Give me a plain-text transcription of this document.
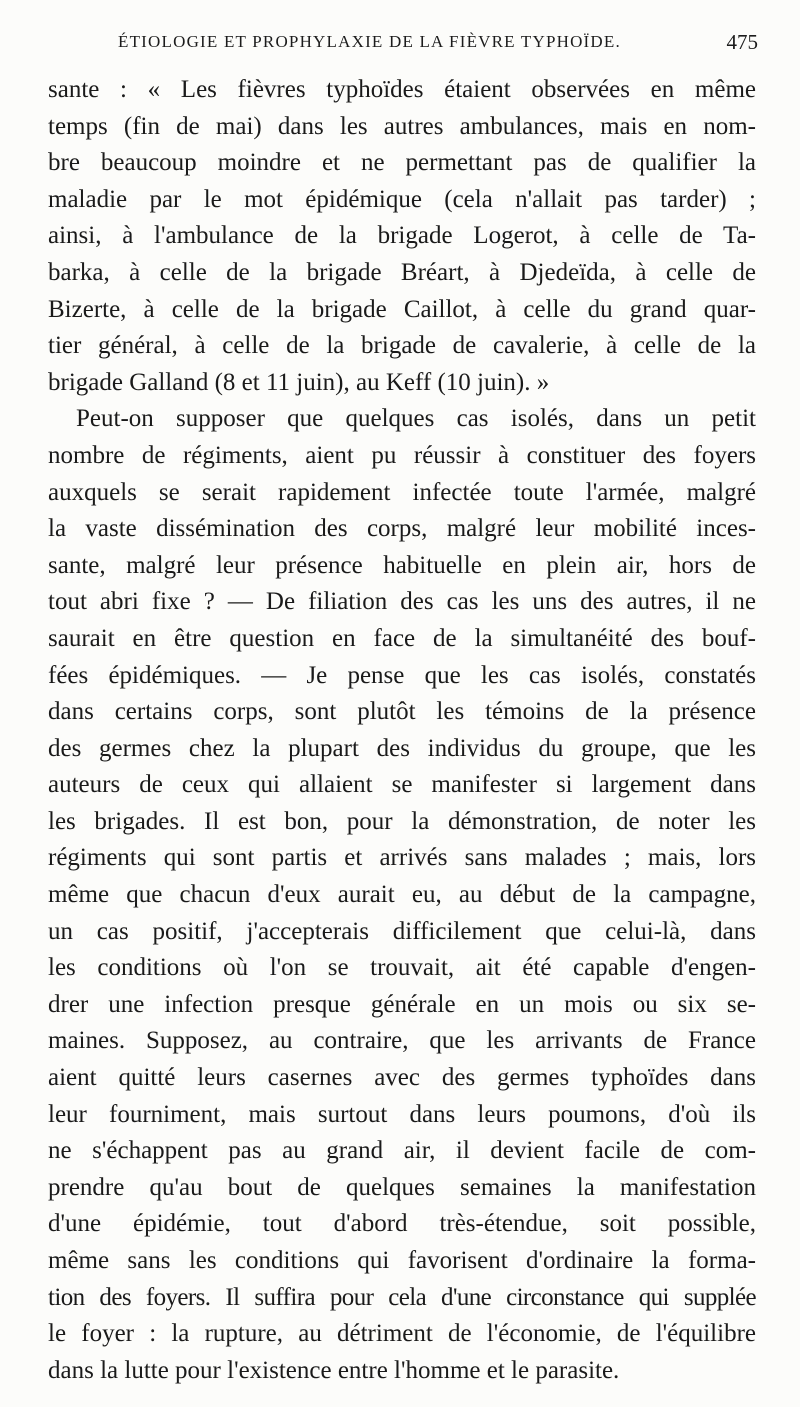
ÉTIOLOGIE ET PROPHYLAXIE DE LA FIÈVRE TYPHOÏDE.	475
sante : « Les fièvres typhoïdes étaient observées en même
temps (fin de mai) dans les autres ambulances, mais en nom-
bre beaucoup moindre et ne permettant pas de qualifier la
maladie par le mot épidémique (cela n'allait pas tarder) ;
ainsi, à l'ambulance de la brigade Logerot, à celle de Ta-
barka, à celle de la brigade Bréart, à Djedeïda, à celle de
Bizerte, à celle de la brigade Caillot, à celle du grand quar-
tier général, à celle de la brigade de cavalerie, à celle de la
brigade Galland (8 et 11 juin), au Keff (10 juin). »
Peut-on supposer que quelques cas isolés, dans un petit
nombre de régiments, aient pu réussir à constituer des foyers
auxquels se serait rapidement infectée toute l'armée, malgré
la vaste dissémination des corps, malgré leur mobilité inces-
sante, malgré leur présence habituelle en plein air, hors de
tout abri fixe ? — De filiation des cas les uns des autres, il ne
saurait en être question en face de la simultanéité des bouf-
fées épidémiques. — Je pense que les cas isolés, constatés
dans certains corps, sont plutôt les témoins de la présence
des germes chez la plupart des individus du groupe, que les
auteurs de ceux qui allaient se manifester si largement dans
les brigades. Il est bon, pour la démonstration, de noter les
régiments qui sont partis et arrivés sans malades ; mais, lors
même que chacun d'eux aurait eu, au début de la campagne,
un cas positif, j'accepterais difficilement que celui-là, dans
les conditions où l'on se trouvait, ait été capable d'engen-
drer une infection presque générale en un mois ou six se-
maines. Supposez, au contraire, que les arrivants de France
aient quitté leurs casernes avec des germes typhoïdes dans
leur fourniment, mais surtout dans leurs poumons, d'où ils
ne s'échappent pas au grand air, il devient facile de com-
prendre qu'au bout de quelques semaines la manifestation
d'une épidémie, tout d'abord très-étendue, soit possible,
même sans les conditions qui favorisent d'ordinaire la forma-
tion des foyers. Il suffira pour cela d'une circonstance qui supplée
le foyer : la rupture, au détriment de l'économie, de l'équilibre
dans la lutte pour l'existence entre l'homme et le parasite.
